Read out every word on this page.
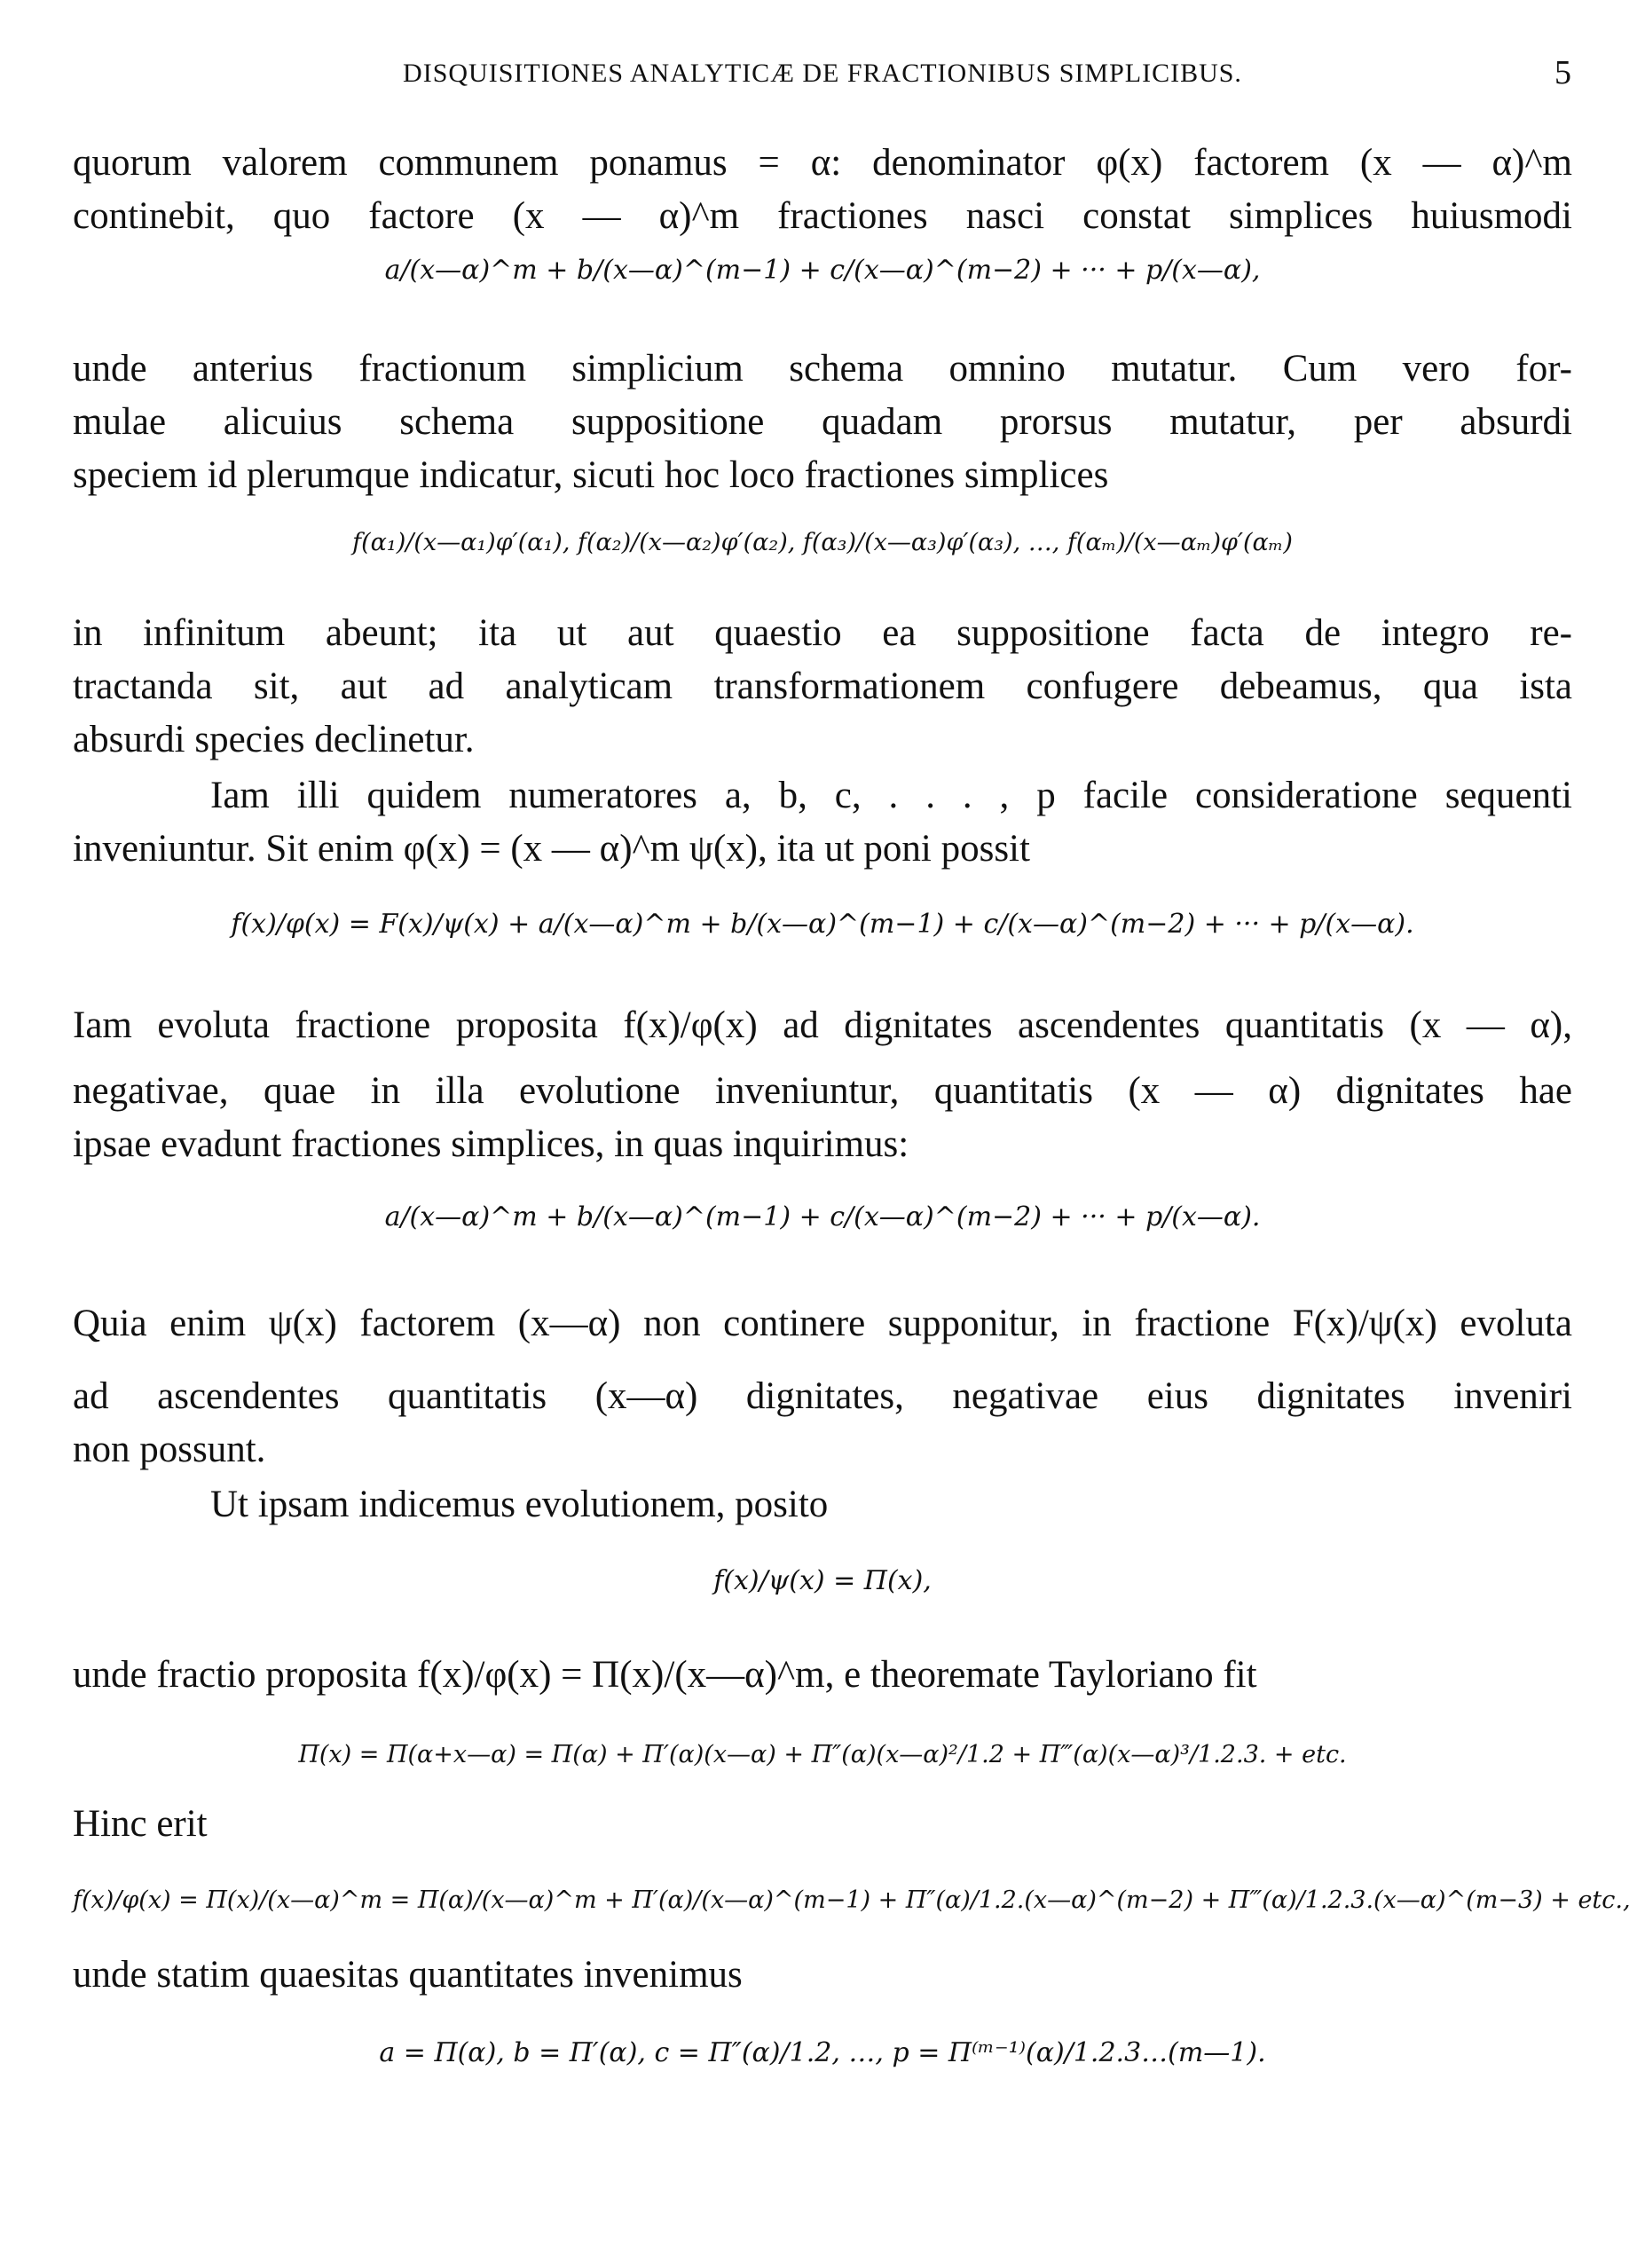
DISQUISITIONES ANALYTICÆ DE FRACTIONIBUS SIMPLICIBUS.	5
quorum valorem communem ponamus = α: denominator φ(x) factorem (x — α)^m
continebit, quo factore (x — α)^m fractiones nasci constat simplices huiusmodi
a/(x—α)^m + b/(x—α)^(m−1) + c/(x—α)^(m−2) + ··· + p/(x—α),
unde anterius fractionum simplicium schema omnino mutatur. Cum vero for-
mulae alicuius schema suppositione quadam prorsus mutatur, per absurdi
speciem id plerumque indicatur, sicuti hoc loco fractiones simplices
f(α₁)/(x—α₁)φ′(α₁), f(α₂)/(x—α₂)φ′(α₂), f(α₃)/(x—α₃)φ′(α₃), …, f(αₘ)/(x—αₘ)φ′(αₘ)
in infinitum abeunt; ita ut aut quaestio ea suppositione facta de integro re-
tractanda sit, aut ad analyticam transformationem confugere debeamus, qua ista
absurdi species declinetur.
Iam illi quidem numeratores a, b, c, . . . , p facile consideratione sequenti
inveniuntur. Sit enim φ(x) = (x — α)^m ψ(x), ita ut poni possit
f(x)/φ(x) = F(x)/ψ(x) + a/(x—α)^m + b/(x—α)^(m−1) + c/(x—α)^(m−2) + ··· + p/(x—α).
Iam evoluta fractione proposita f(x)/φ(x) ad dignitates ascendentes quantitatis (x — α),
negativae, quae in illa evolutione inveniuntur, quantitatis (x — α) dignitates hae
ipsae evadunt fractiones simplices, in quas inquirimus:
a/(x—α)^m + b/(x—α)^(m−1) + c/(x—α)^(m−2) + ··· + p/(x—α).
Quia enim ψ(x) factorem (x—α) non continere supponitur, in fractione F(x)/ψ(x) evoluta
ad ascendentes quantitatis (x—α) dignitates, negativae eius dignitates inveniri
non possunt.
Ut ipsam indicemus evolutionem, posito
f(x)/ψ(x) = Π(x),
unde fractio proposita f(x)/φ(x) = Π(x)/(x—α)^m, e theoremate Tayloriano fit
Π(x) = Π(α+x—α) = Π(α) + Π′(α)(x—α) + Π″(α)(x—α)²/1.2 + Π‴(α)(x—α)³/1.2.3. + etc.
Hinc erit
f(x)/φ(x) = Π(x)/(x—α)^m = Π(α)/(x—α)^m + Π′(α)/(x—α)^(m−1) + Π″(α)/1.2.(x—α)^(m−2) + Π‴(α)/1.2.3.(x—α)^(m−3) + etc.,
unde statim quaesitas quantitates invenimus
a = Π(α), b = Π′(α), c = Π″(α)/1.2, …, p = Π⁽ᵐ⁻¹⁾(α)/1.2.3…(m—1).
